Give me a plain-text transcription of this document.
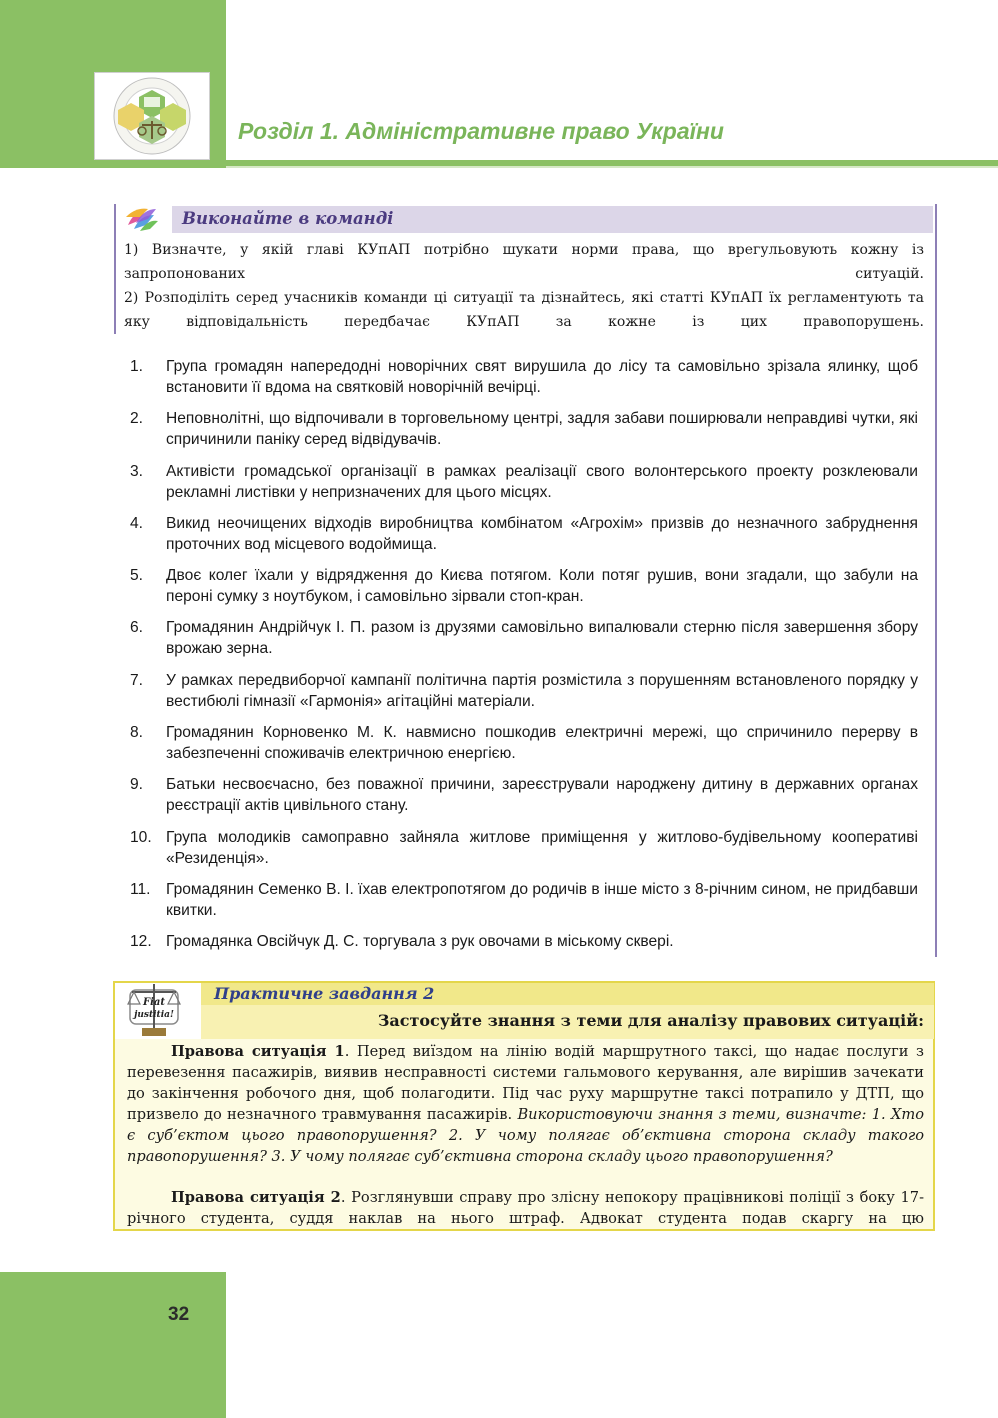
Розділ 1. Адміністративне право України
Виконайте в команді
1) Визначте, у якій главі КУпАП потрібно шукати норми права, що врегульовують кожну із запропонованих ситуацій.
2) Розподіліть серед учасників команди ці ситуації та дізнайтесь, які статті КУпАП їх регламентують та яку відповідальність передбачає КУпАП за кожне із цих правопорушень.
1.	Група громадян напередодні новорічних свят вирушила до лісу та самовільно зрізала ялинку, щоб встановити її вдома на святковій новорічній вечірці.
2.	Неповнолітні, що відпочивали в торговельному центрі, задля забави поширювали неправдиві чутки, які спричинили паніку серед відвідувачів.
3.	Активісти громадської організації в рамках реалізації свого волонтерського проекту розклеювали рекламні листівки у непризначених для цього місцях.
4.	Викид неочищених відходів виробництва комбінатом «Агрохім» призвів до незначного забруднення проточних вод місцевого водоймища.
5.	Двоє колег їхали у відрядження до Києва потягом. Коли потяг рушив, вони згадали, що забули на пероні сумку з ноутбуком, і самовільно зірвали стоп-кран.
6.	Громадянин Андрійчук І. П. разом із друзями самовільно випалювали стерню після завершення збору врожаю зерна.
7.	У рамках передвиборчої кампанії політична партія розмістила з порушенням встановленого порядку у вестибюлі гімназії «Гармонія» агітаційні матеріали.
8.	Громадянин Корновенко М. К. навмисно пошкодив електричні мережі, що спричинило перерву в забезпеченні споживачів електричною енергією.
9.	Батьки несвоєчасно, без поважної причини, зареєстрували народжену дитину в державних органах реєстрації актів цивільного стану.
10. Група молодиків самоправно зайняла житлове приміщення у житлово-будівельному кооперативі «Резиденція».
11. Громадянин Семенко В. І. їхав електропотягом до родичів в інше місто з 8-річним сином, не придбавши квитки.
12. Громадянка Овсійчук Д. С. торгувала з рук овочами в міському сквері.
Fiat
justitia!
Практичне завдання 2
Застосуйте знання з теми для аналізу правових ситуацій:
Правова ситуація 1. Перед виїздом на лінію водій маршрутного таксі, що надає послуги з перевезення пасажирів, виявив несправності системи гальмового керування, але вирішив зачекати до закінчення робочого дня, щоб полагодити. Під час руху маршрутне таксі потрапило у ДТП, що призвело до незначного травмування пасажирів. Використовуючи знання з теми, визначте: 1. Хто є суб’єктом цього правопорушення? 2. У чому полягає об’єктивна сторона складу такого правопорушення? 3. У чому полягає суб’єктивна сторона складу цього правопорушення?
Правова ситуація 2. Розглянувши справу про злісну непокору працівникові поліції з боку 17-річного студента, суддя наклав на нього штраф. Адвокат студента подав скаргу на цю
32
